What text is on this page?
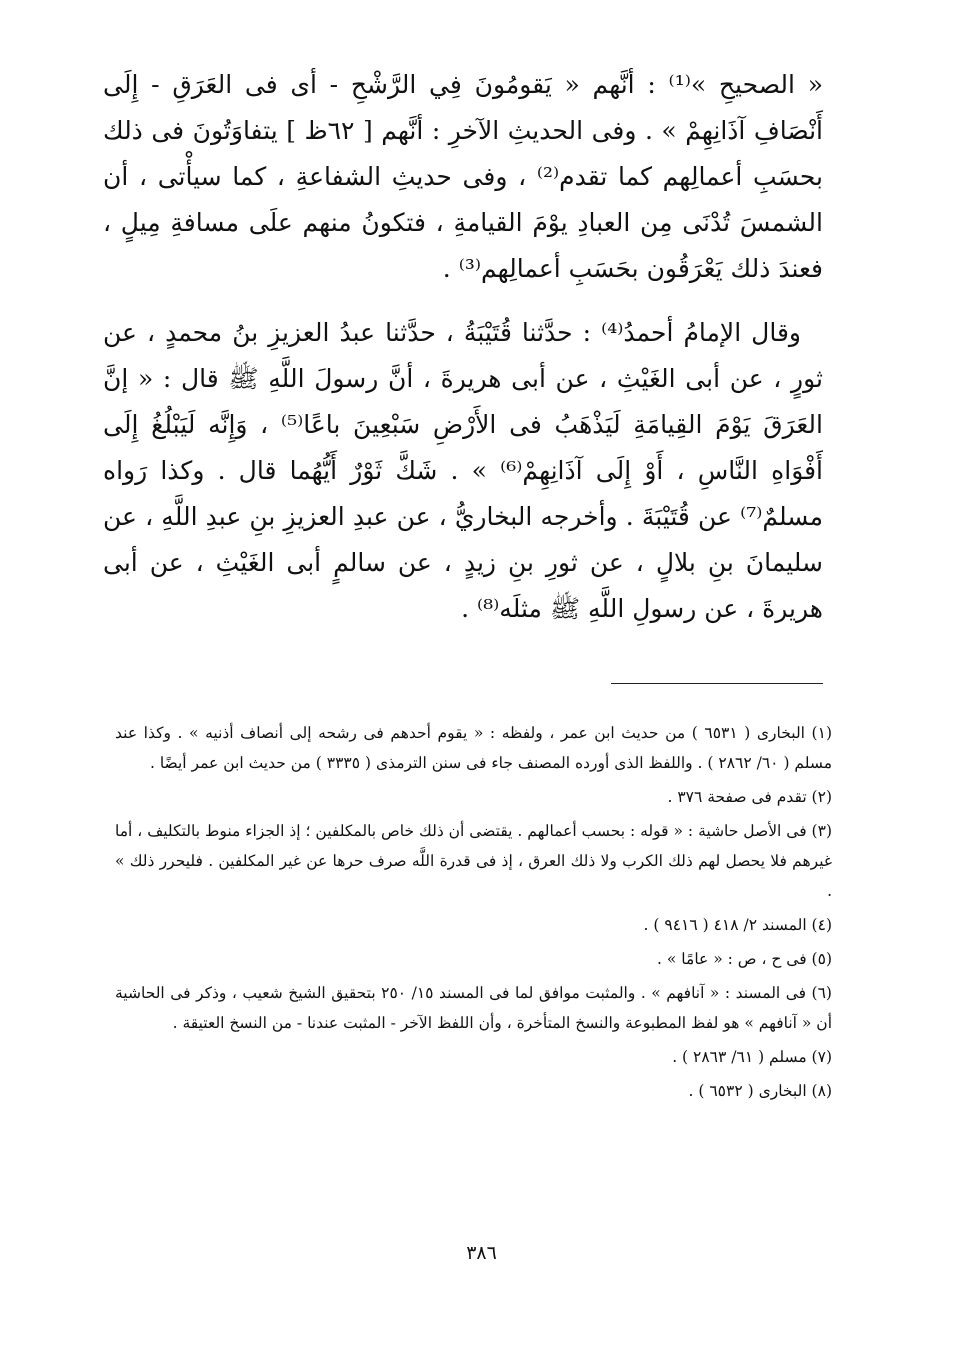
« الصحيحِ »⁽¹⁾ : أنَّهم « يَقومُونَ فِي الرَّشْحِ - أى فى العَرَقِ - إِلَى أَنْصَافِ آذَانِهِمْ » . وفى الحديثِ الآخرِ : أنَّهم [ ٦٢ظ ] يتفاوَتُونَ فى ذلك بحسَبِ أعمالِهم كما تقدم⁽²⁾ ، وفى حديثِ الشفاعةِ ، كما سيأْتى ، أن الشمسَ تُدْنَى مِن العبادِ يوْمَ القيامةِ ، فتكونُ منهم علَى مسافةِ مِيلٍ ، فعندَ ذلك يَعْرَقُون بحَسَبِ أعمالِهم⁽³⁾ .

وقال الإمامُ أحمدُ⁽⁴⁾ : حدَّثنا قُتَيْبَةُ ، حدَّثنا عبدُ العزيزِ بنُ محمدٍ ، عن ثورٍ ، عن أبى الغَيْثِ ، عن أبى هريرةَ ، أنَّ رسولَ اللَّهِ ﷺ قال : « إنَّ العَرَقَ يَوْمَ القِيامَةِ لَيَذْهَبُ فى الأَرْضِ سَبْعِينَ باعًا⁽⁵⁾ ، وَإِنَّه لَيَبْلُغُ إِلَى أَفْوَاهِ النَّاسِ ، أَوْ إِلَى آذَانِهِمْ⁽⁶⁾ » . شَكَّ ثَوْرٌ أَيُّهُما قال . وكذا رَواه مسلمٌ⁽⁷⁾ عن قُتَيْبَةَ . وأخرجه البخاريُّ ، عن عبدِ العزيزِ بنِ عبدِ اللَّهِ ، عن سليمانَ بنِ بلالٍ ، عن ثورِ بنِ زيدٍ ، عن سالمٍ أبى الغَيْثِ ، عن أبى هريرةَ ، عن رسولِ اللَّهِ ﷺ مثلَه⁽⁸⁾ .

(١) البخارى ( ٦٥٣١ ) من حديث ابن عمر ، ولفظه : « يقوم أحدهم فى رشحه إلى أنصاف أذنيه » . وكذا عند مسلم ( ٦٠/ ٢٨٦٢ ) . واللفظ الذى أورده المصنف جاء فى سنن الترمذى ( ٣٣٣٥ ) من حديث ابن عمر أيضًا .

(٢) تقدم فى صفحة ٣٧٦ .

(٣) فى الأصل حاشية : « قوله : بحسب أعمالهم . يقتضى أن ذلك خاص بالمكلفين ؛ إذ الجزاء منوط بالتكليف ، أما غيرهم فلا يحصل لهم ذلك الكرب ولا ذلك العرق ، إذ فى قدرة اللَّه صرف حرها عن غير المكلفين . فليحرر ذلك » .

(٤) المسند ٢/ ٤١٨ ( ٩٤١٦ ) .

(٥) فى ح ، ص : « عامًا » .

(٦) فى المسند : « آنافهم » . والمثبت موافق لما فى المسند ١٥/ ٢٥٠ بتحقيق الشيخ شعيب ، وذكر فى الحاشية أن « آنافهم » هو لفظ المطبوعة والنسخ المتأخرة ، وأن اللفظ الآخر - المثبت عندنا - من النسخ العتيقة .

(٧) مسلم ( ٦١/ ٢٨٦٣ ) .

(٨) البخارى ( ٦٥٣٢ ) .

٣٨٦
